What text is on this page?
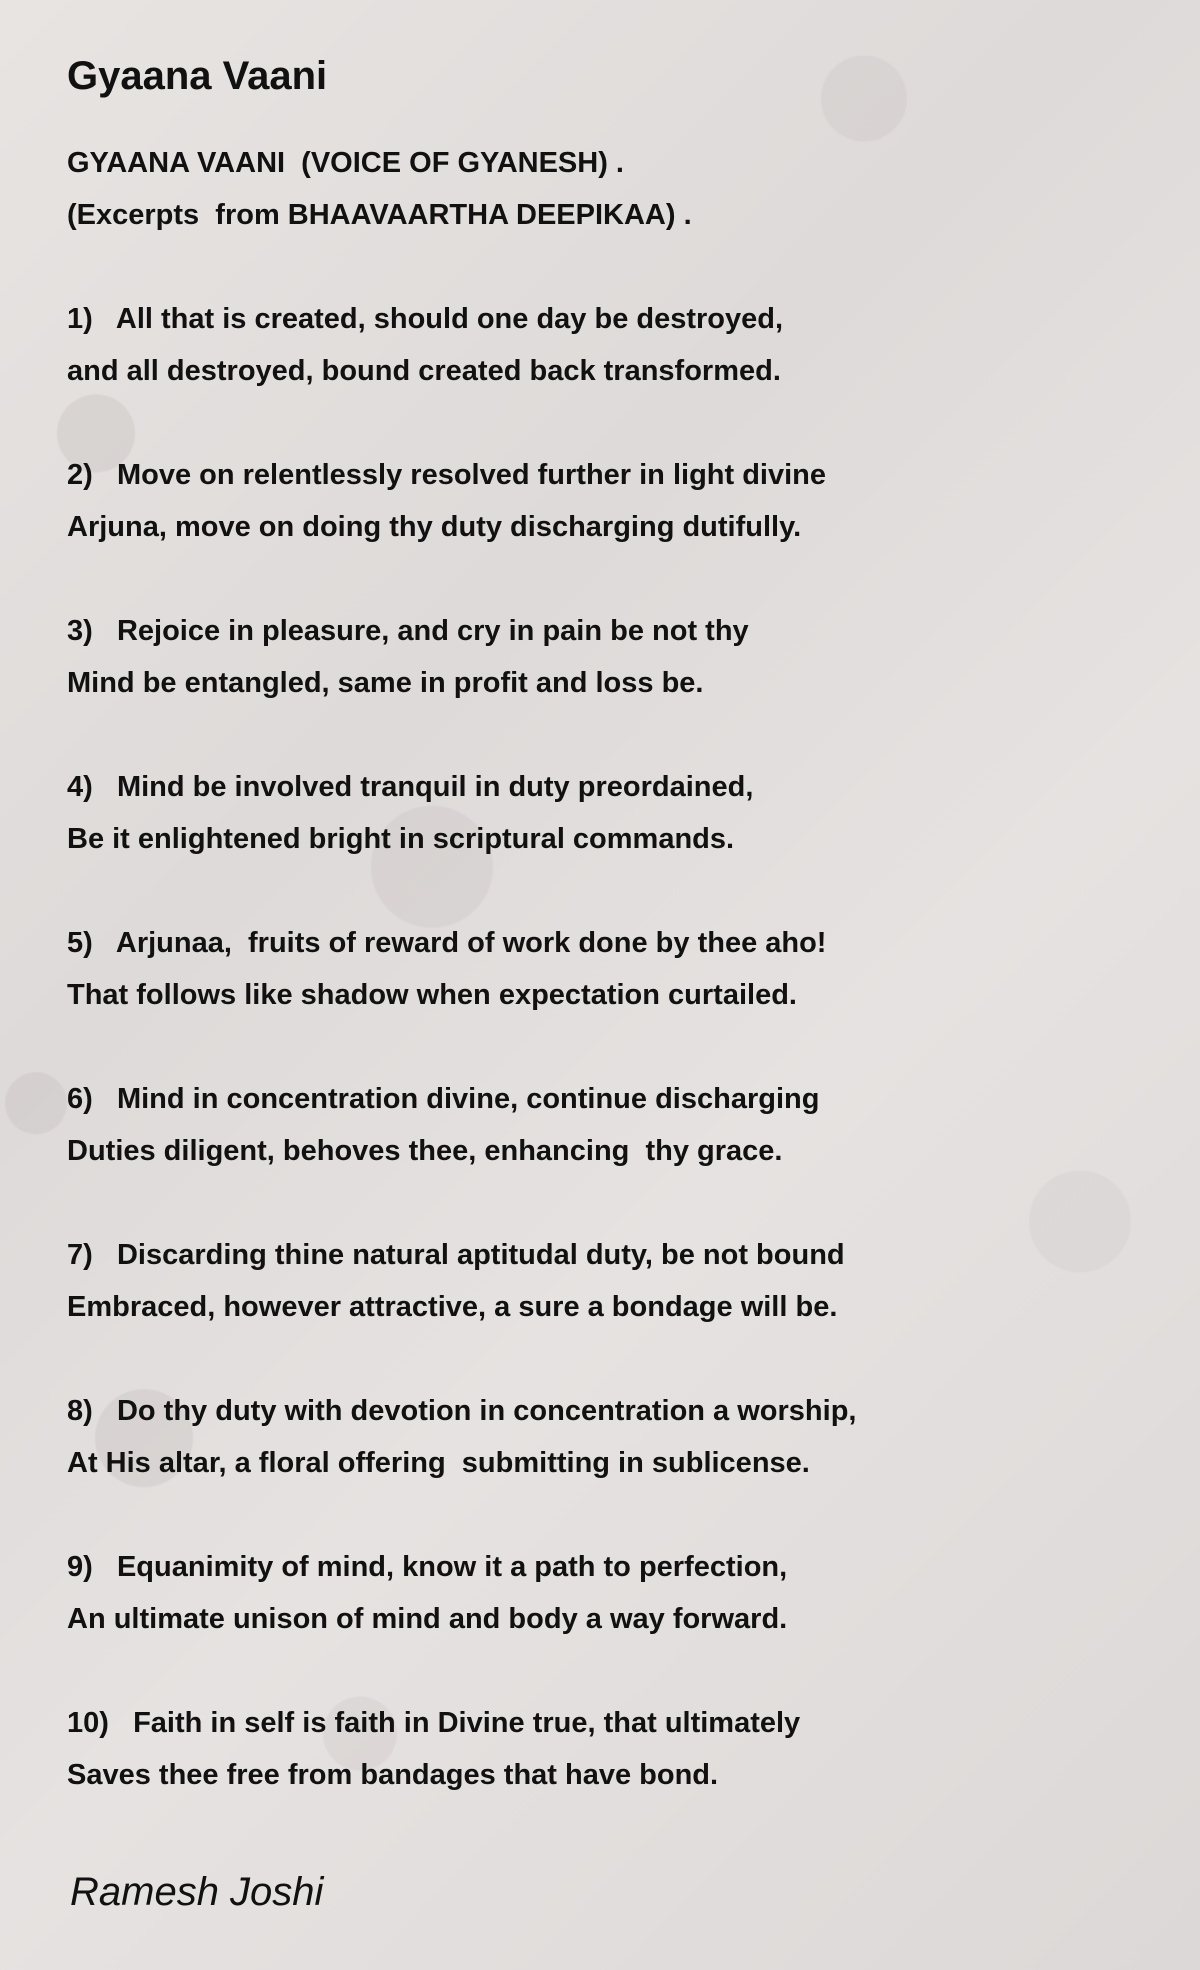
Gyaana Vaani

GYAANA VAANI  (VOICE OF GYANESH) .

(Excerpts  from BHAAVAARTHA DEEPIKAA) .

1)   All that is created, should one day be destroyed,

and all destroyed, bound created back transformed.

2)   Move on relentlessly resolved further in light divine

Arjuna, move on doing thy duty discharging dutifully.

3)   Rejoice in pleasure, and cry in pain be not thy

Mind be entangled, same in profit and loss be.

4)   Mind be involved tranquil in duty preordained,

Be it enlightened bright in scriptural commands.

5)   Arjunaa,  fruits of reward of work done by thee aho!

That follows like shadow when expectation curtailed.

6)   Mind in concentration divine, continue discharging

Duties diligent, behoves thee, enhancing  thy grace.

7)   Discarding thine natural aptitudal duty, be not bound

Embraced, however attractive, a sure a bondage will be.

8)   Do thy duty with devotion in concentration a worship,

At His altar, a floral offering  submitting in sublicense.

9)   Equanimity of mind, know it a path to perfection,

An ultimate unison of mind and body a way forward.

10)   Faith in self is faith in Divine true, that ultimately

Saves thee free from bandages that have bond.

Ramesh Joshi
